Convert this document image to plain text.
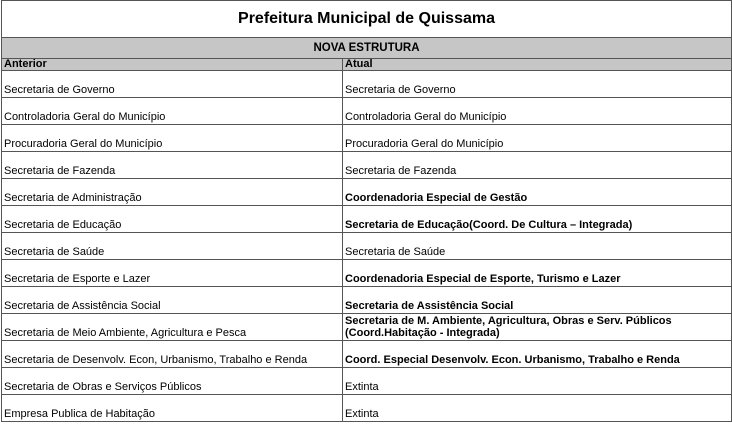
Prefeitura Municipal de Quissama	
NOVA ESTRUTURA	
Anterior	Atual
Secretaria de Governo	Secretaria de Governo
Controladoria Geral do Município	Controladoria Geral do Município
Procuradoria Geral do Município	Procuradoria Geral do Município
Secretaria de Fazenda	Secretaria de Fazenda
Secretaria de Administração	Coordenadoria Especial de Gestão
Secretaria de Educação	Secretaria de Educação(Coord. De Cultura – Integrada)
Secretaria de Saúde	Secretaria de Saúde
Secretaria de Esporte e Lazer	Coordenadoria Especial de Esporte, Turismo e Lazer
Secretaria de Assistência Social	Secretaria de Assistência Social
Secretaria de Meio Ambiente, Agricultura e Pesca	Secretaria de M. Ambiente, Agricultura, Obras e Serv. Públicos
(Coord.Habitação - Integrada)
Secretaria de Desenvolv. Econ, Urbanismo, Trabalho e Renda	Coord. Especial Desenvolv. Econ. Urbanismo, Trabalho e Renda
Secretaria de Obras e Serviços Públicos	Extinta
Empresa Publica de Habitação	Extinta
